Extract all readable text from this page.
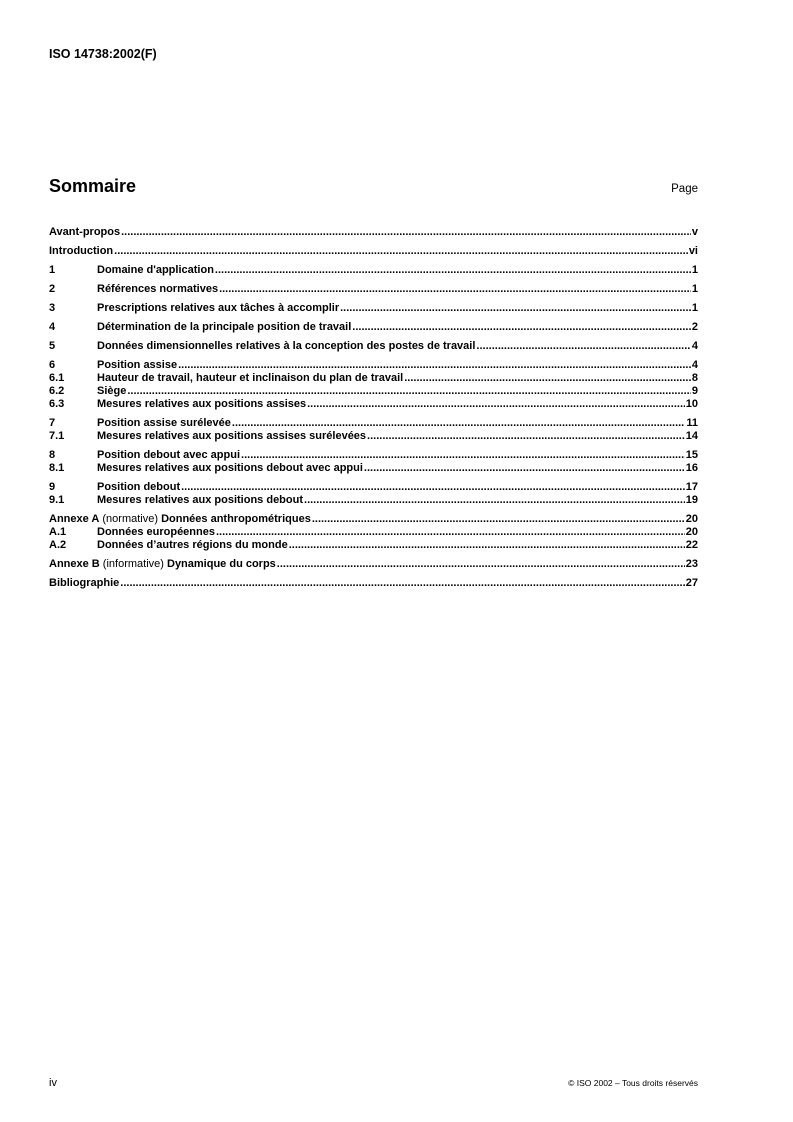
ISO 14738:2002(F)
Sommaire	Page
Avant-propos .....	v
Introduction .....	vi
1	Domaine d'application .....	1
2	Références normatives .....	1
3	Prescriptions relatives aux tâches à accomplir .....	1
4	Détermination de la principale position de travail .....	2
5	Données dimensionnelles relatives à la conception des postes de travail .....	4
6	Position assise .....	4
6.1	Hauteur de travail, hauteur et inclinaison du plan de travail .....	8
6.2	Siège .....	9
6.3	Mesures relatives aux positions assises .....	10
7	Position assise surélevée .....	11
7.1	Mesures relatives aux positions assises surélevées .....	14
8	Position debout avec appui .....	15
8.1	Mesures relatives aux positions debout avec appui .....	16
9	Position debout .....	17
9.1	Mesures relatives aux positions debout .....	19
Annexe A (normative) Données anthropométriques .....	20
A.1	Données européennes .....	20
A.2	Données d’autres régions du monde .....	22
Annexe B (informative) Dynamique du corps .....	23
Bibliographie .....	27
iv	© ISO 2002 – Tous droits réservés
